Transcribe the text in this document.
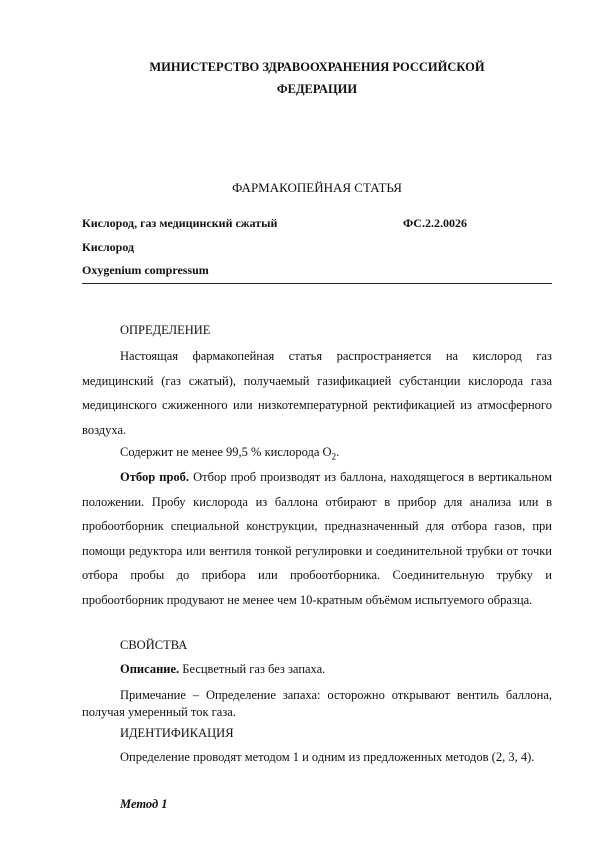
МИНИСТЕРСТВО ЗДРАВООХРАНЕНИЯ РОССИЙСКОЙ
ФЕДЕРАЦИИ
ФАРМАКОПЕЙНАЯ СТАТЬЯ
Кислород, газ медицинский сжатый	ФС.2.2.0026
Кислород
Oxygenium compressum
ОПРЕДЕЛЕНИЕ
Настоящая фармакопейная статья распространяется на кислород газ медицинский (газ сжатый), получаемый газификацией субстанции кислорода газа медицинского сжиженного или низкотемпературной ректификацией из атмосферного воздуха.
Содержит не менее 99,5 % кислорода $O_2$.
Отбор проб. Отбор проб производят из баллона, находящегося в вертикальном положении. Пробу кислорода из баллона отбирают в прибор для анализа или в пробоотборник специальной конструкции, предназначенный для отбора газов, при помощи редуктора или вентиля тонкой регулировки и соединительной трубки от точки отбора пробы до прибора или пробоотборника. Соединительную трубку и пробоотборник продувают не менее чем 10-кратным объёмом испытуемого образца.
СВОЙСТВА
Описание. Бесцветный газ без запаха.
Примечание – Определение запаха: осторожно открывают вентиль баллона, получая умеренный ток газа.
ИДЕНТИФИКАЦИЯ
Определение проводят методом 1 и одним из предложенных методов (2, 3, 4).
Метод 1
